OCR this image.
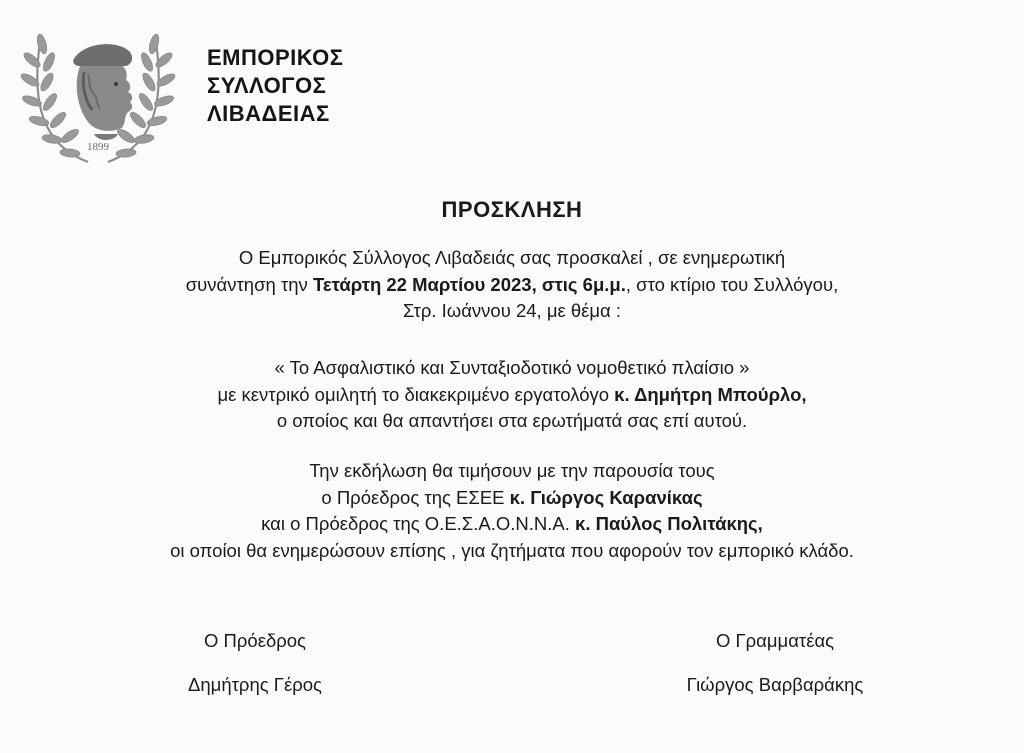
1899
ΕΜΠΟΡΙΚΟΣ
ΣΥΛΛΟΓΟΣ
ΛΙΒΑΔΕΙΑΣ
ΠΡΟΣΚΛΗΣΗ
Ο Εμπορικός Σύλλογος Λιβαδειάς σας προσκαλεί , σε ενημερωτική
συνάντηση την Τετάρτη 22 Μαρτίου 2023, στις 6μ.μ., στο κτίριο του Συλλόγου,
Στρ. Ιωάννου 24, με θέμα :
« Το Ασφαλιστικό και Συνταξιοδοτικό νομοθετικό πλαίσιο »
με κεντρικό ομιλητή το διακεκριμένο εργατολόγο κ. Δημήτρη Μπούρλο,
ο οποίος και θα απαντήσει στα ερωτήματά σας επί αυτού.
Την εκδήλωση θα τιμήσουν με την παρουσία τους
ο Πρόεδρος της ΕΣΕΕ κ. Γιώργος Καρανίκας
και ο Πρόεδρος της Ο.Ε.Σ.Α.Ο.Ν.Ν.Α. κ. Παύλος Πολιτάκης,
οι οποίοι θα ενημερώσουν επίσης , για ζητήματα που αφορούν τον εμπορικό κλάδο.
Ο Πρόεδρος
Δημήτρης Γέρος
Ο Γραμματέας
Γιώργος Βαρβαράκης
